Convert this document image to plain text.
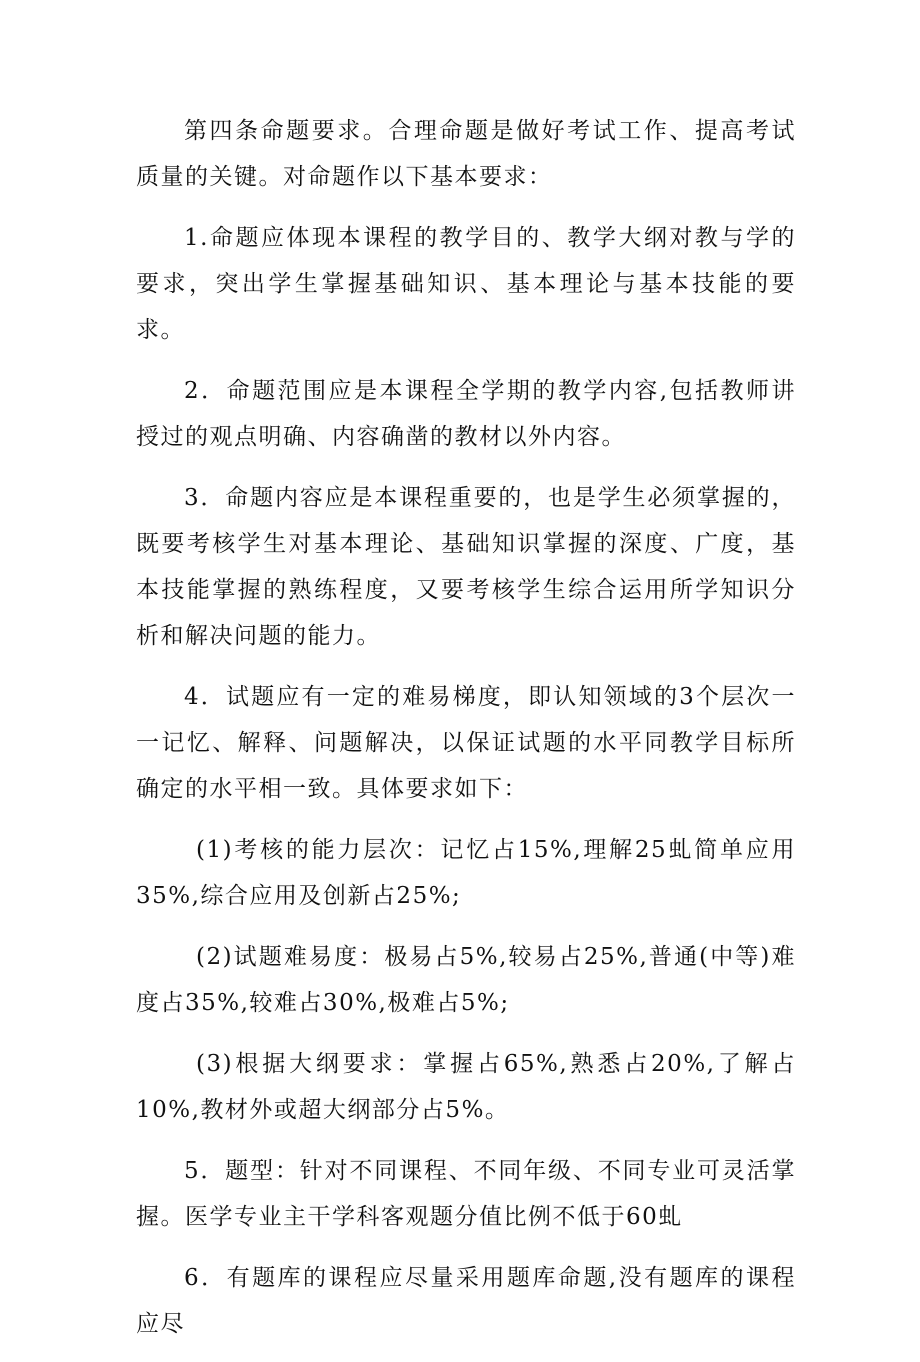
第四条命题要求。合理命题是做好考试工作、提高考试质量的关键。对命题作以下基本要求：

1.命题应体现本课程的教学目的、教学大纲对教与学的要求，突出学生掌握基础知识、基本理论与基本技能的要求。

2．命题范围应是本课程全学期的教学内容,包括教师讲授过的观点明确、内容确凿的教材以外内容。

3．命题内容应是本课程重要的，也是学生必须掌握的，既要考核学生对基本理论、基础知识掌握的深度、广度，基本技能掌握的熟练程度，又要考核学生综合运用所学知识分析和解决问题的能力。

4．试题应有一定的难易梯度，即认知领域的3个层次一一记忆、解释、问题解决，以保证试题的水平同教学目标所确定的水平相一致。具体要求如下：

(1)考核的能力层次：记忆占15%,理解25虬简单应用35%,综合应用及创新占25%;

(2)试题难易度：极易占5%,较易占25%,普通(中等)难度占35%,较难占30%,极难占5%;

(3)根据大纲要求：掌握占65%,熟悉占20%,了解占10%,教材外或超大纲部分占5%。

5．题型：针对不同课程、不同年级、不同专业可灵活掌握。医学专业主干学科客观题分值比例不低于60虬

6．有题库的课程应尽量采用题库命题,没有题库的课程应尽
